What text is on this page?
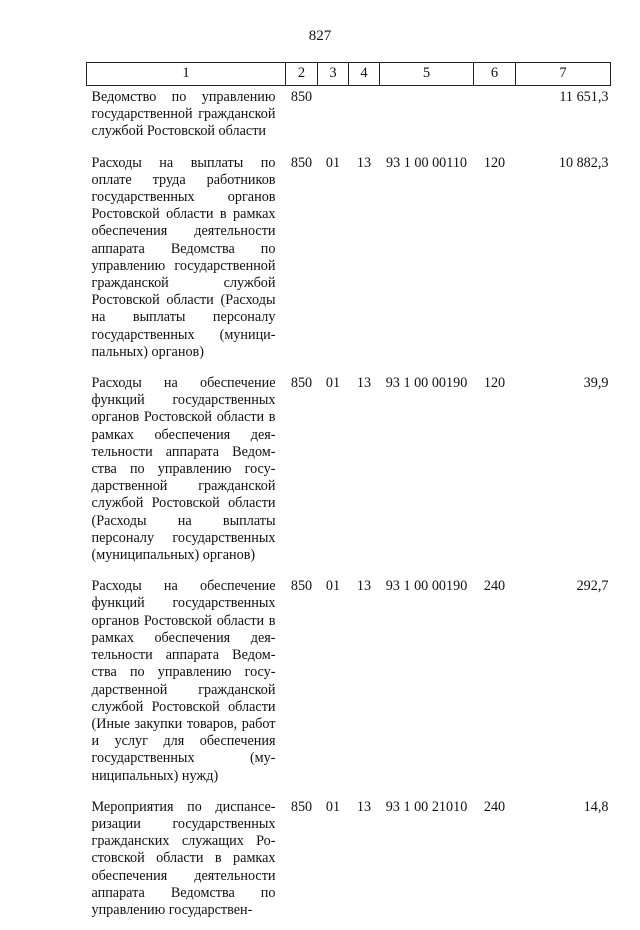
827
1	2	3	4	5	6	7
Ведомство по управлению государственной гражданской службой Ростовской области	850					11 651,3
Расходы на выплаты по оплате труда работников государственных органов Ростовской области в рамках обеспечения деятельности аппарата Ведомства по управлению государственной гражданской службой Ростовской области (Расходы на выплаты персоналу государственных (муниципальных) органов)	850	01	13	93 1 00 00110	120	10 882,3
Расходы на обеспечение функций государственных органов Ростовской области в рамках обеспечения деятельности аппарата Ведомства по управлению государственной гражданской службой Ростовской области (Расходы на выплаты персоналу государственных (муниципальных) органов)	850	01	13	93 1 00 00190	120	39,9
Расходы на обеспечение функций государственных органов Ростовской области в рамках обеспечения деятельности аппарата Ведомства по управлению государственной гражданской службой Ростовской области (Иные закупки товаров, работ и услуг для обеспечения государственных (муниципальных) нужд)	850	01	13	93 1 00 00190	240	292,7
Мероприятия по диспансеризации государственных гражданских служащих Ростовской области в рамках обеспечения деятельности аппарата Ведомства по управлению государствен-	850	01	13	93 1 00 21010	240	14,8
